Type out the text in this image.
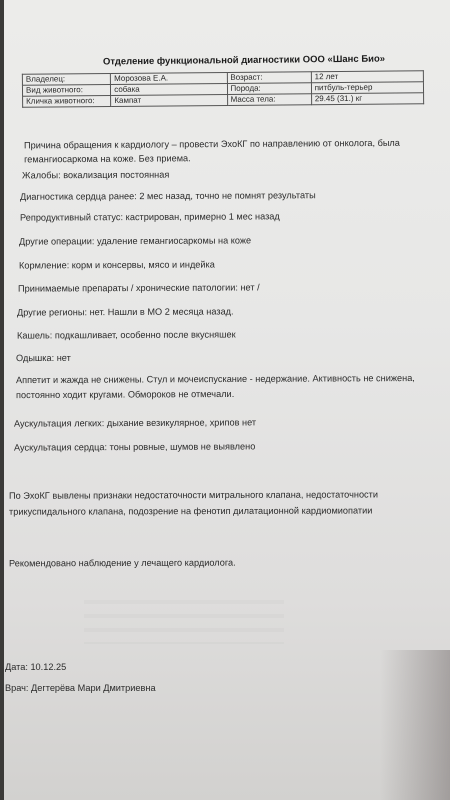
Отделение функциональной диагностики ООО «Шанс Био»
Владелец:	Морозова Е.А.	Возраст:	12 лет
Вид животного:	собака	Порода:	питбуль-терьер
Кличка животного:	Кампат	Масса тела:	29.45 (31.) кг
Причина обращения к кардиологу – провести ЭхоКГ по направлению от онколога, была гемангиосаркома на коже. Без приема.
Жалобы: вокализация постоянная
Диагностика сердца ранее: 2 мес назад, точно не помнят результаты
Репродуктивный статус: кастрирован, примерно 1 мес назад
Другие операции: удаление гемангиосаркомы на коже
Кормление: корм и консервы, мясо и индейка
Принимаемые препараты / хронические патологии: нет /
Другие регионы: нет. Нашли в МО 2 месяца назад.
Кашель: подкашливает, особенно после вкусняшек
Одышка: нет
Аппетит и жажда не снижены. Стул и мочеиспускание - недержание. Активность не снижена, постоянно ходит кругами. Обмороков не отмечали.
Аускультация легких: дыхание везикулярное, хрипов нет
Аускультация сердца: тоны ровные, шумов не выявлено
По ЭхоКГ вывлены признаки недостаточности митрального клапана, недостаточности трикуспидального клапана, подозрение на фенотип дилатационной кардиомиопатии
Рекомендовано наблюдение у лечащего кардиолога.
Дата: 10.12.25
Врач: Дегтерёва Мари Дмитриевна
